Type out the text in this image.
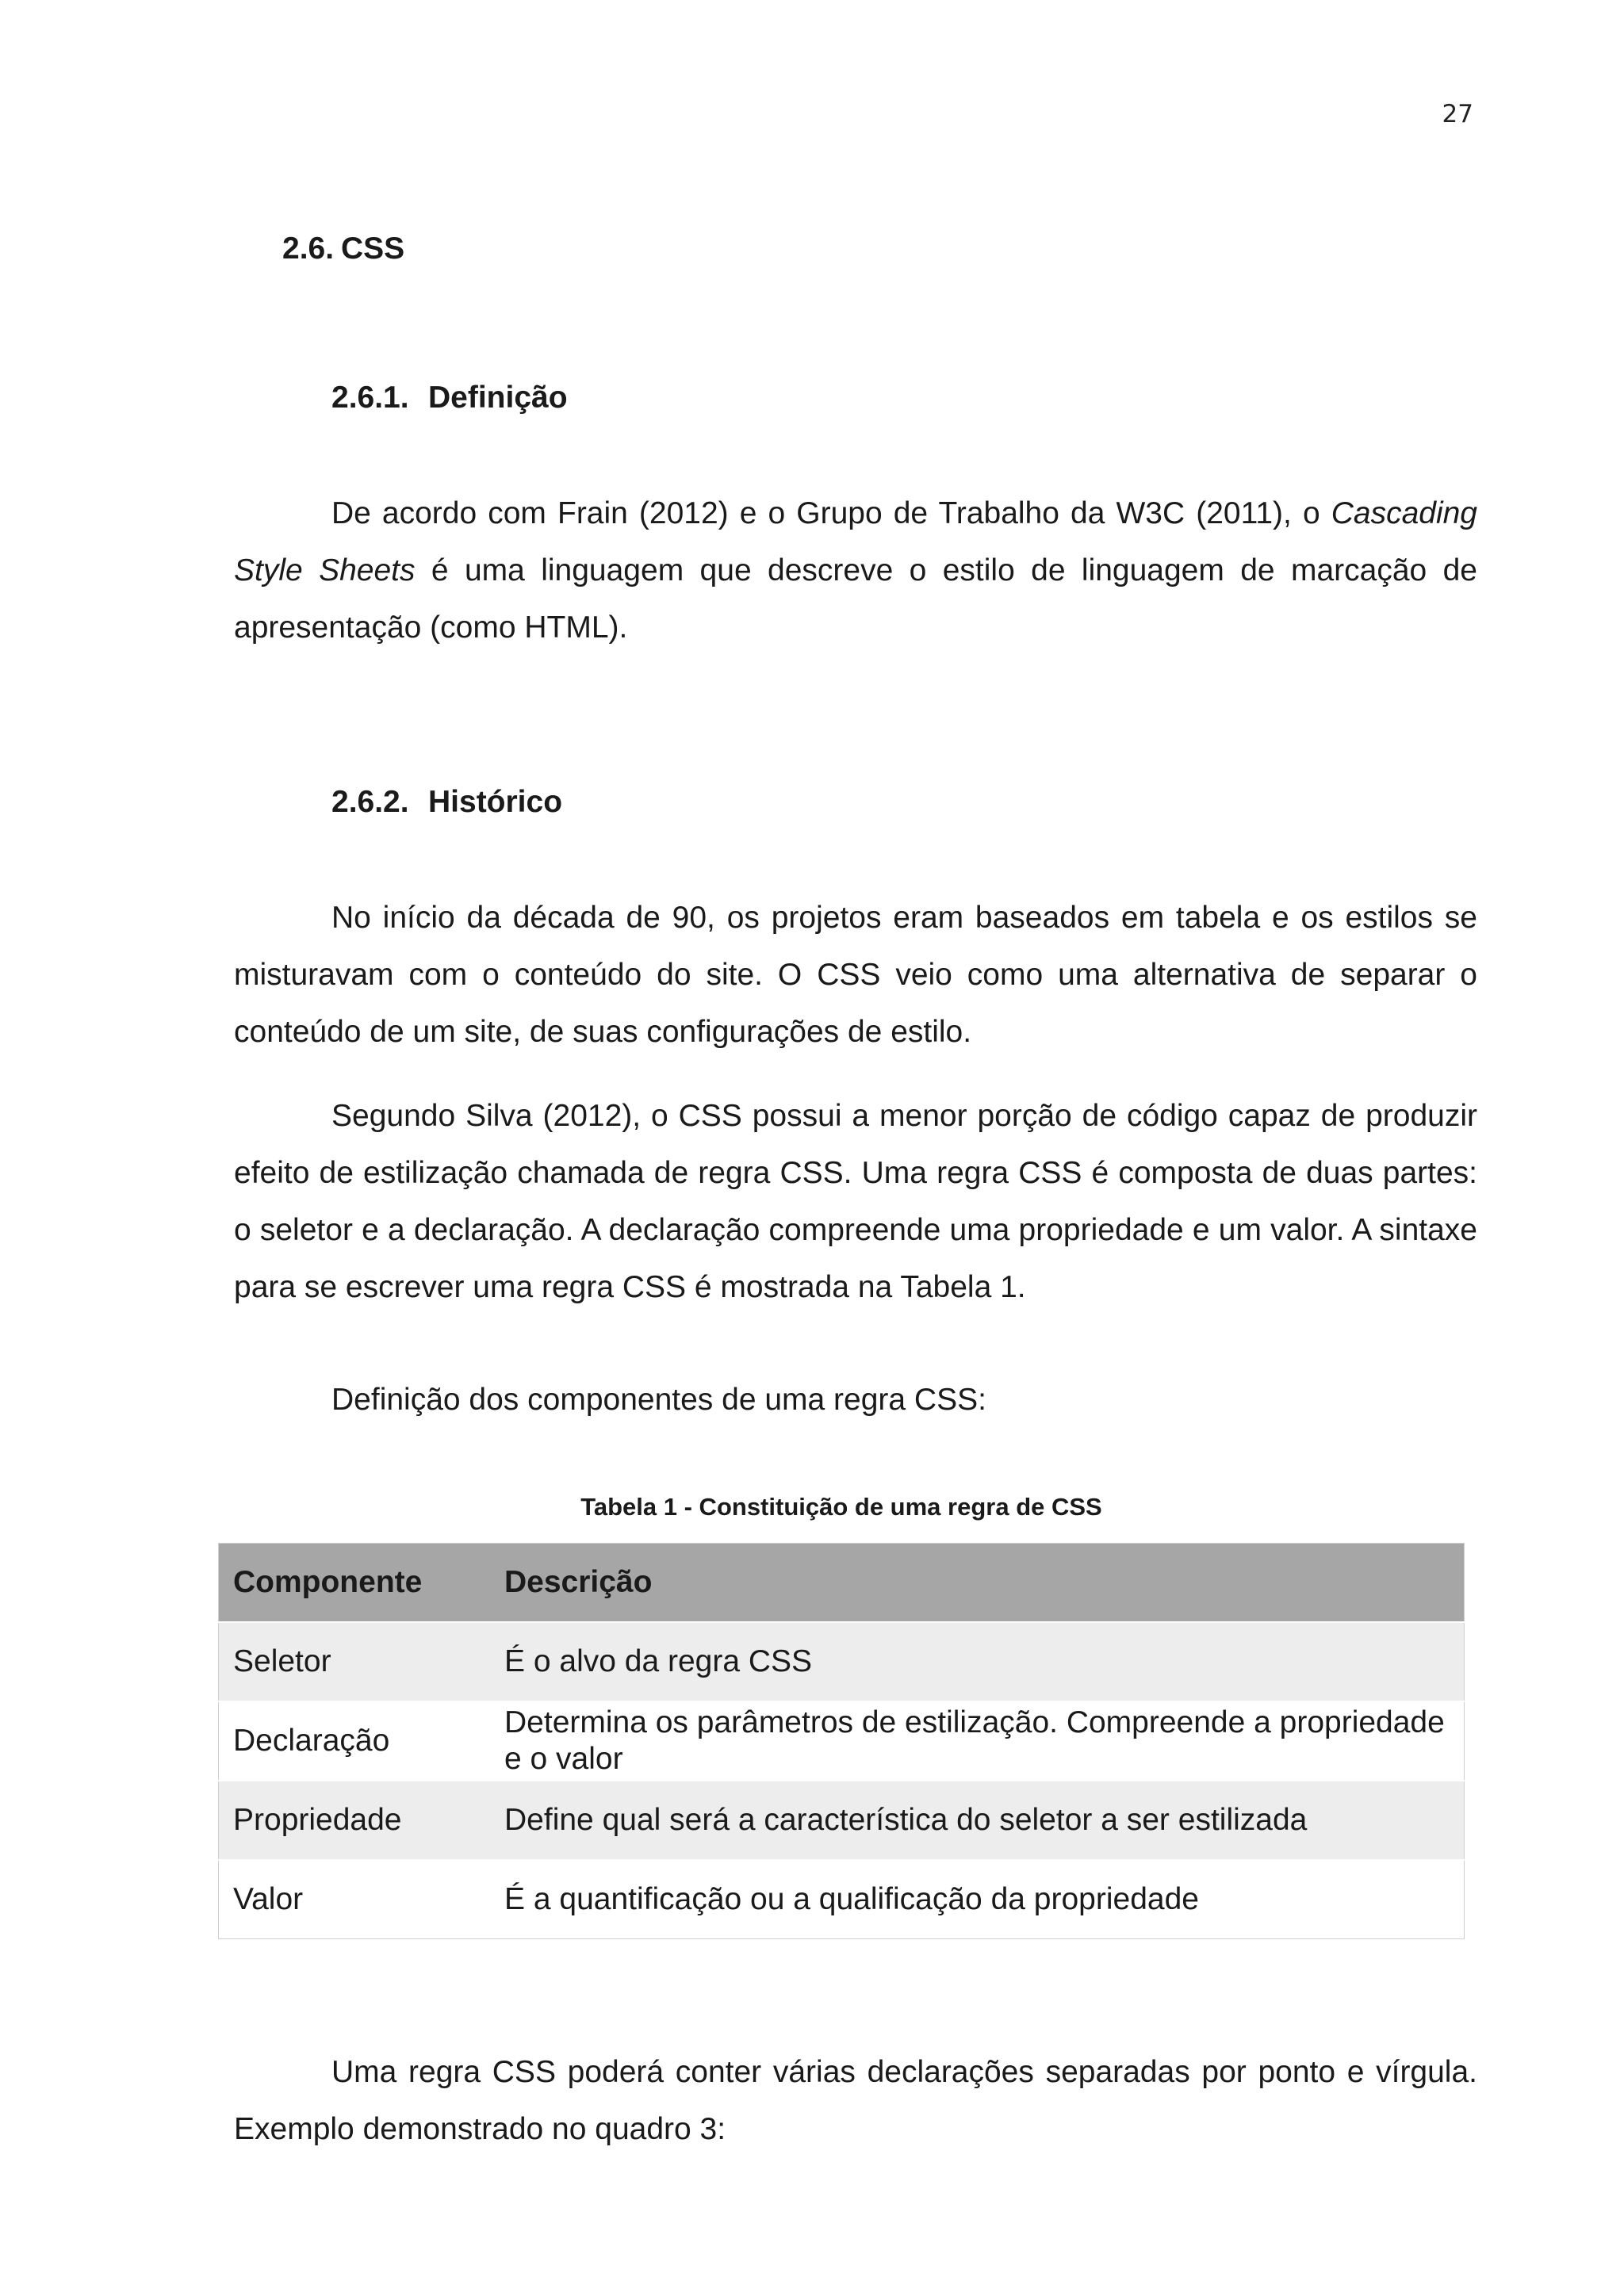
27
2.6. CSS
2.6.1. Definição

De acordo com Frain (2012) e o Grupo de Trabalho da W3C (2011), o Cascading Style Sheets é uma linguagem que descreve o estilo de linguagem de marcação de apresentação (como HTML).

2.6.2. Histórico

No início da década de 90, os projetos eram baseados em tabela e os estilos se misturavam com o conteúdo do site. O CSS veio como uma alternativa de separar o conteúdo de um site, de suas configurações de estilo.

Segundo Silva (2012), o CSS possui a menor porção de código capaz de produzir efeito de estilização chamada de regra CSS. Uma regra CSS é composta de duas partes: o seletor e a declaração. A declaração compreende uma propriedade e um valor. A sintaxe para se escrever uma regra CSS é mostrada na Tabela 1.

Definição dos componentes de uma regra CSS:

Tabela 1 - Constituição de uma regra de CSS
Componente	Descrição
Seletor	É o alvo da regra CSS
Declaração	Determina os parâmetros de estilização. Compreende a propriedade e o valor
Propriedade	Define qual será a característica do seletor a ser estilizada
Valor	É a quantificação ou a qualificação da propriedade

Uma regra CSS poderá conter várias declarações separadas por ponto e vírgula. Exemplo demonstrado no quadro 3:
